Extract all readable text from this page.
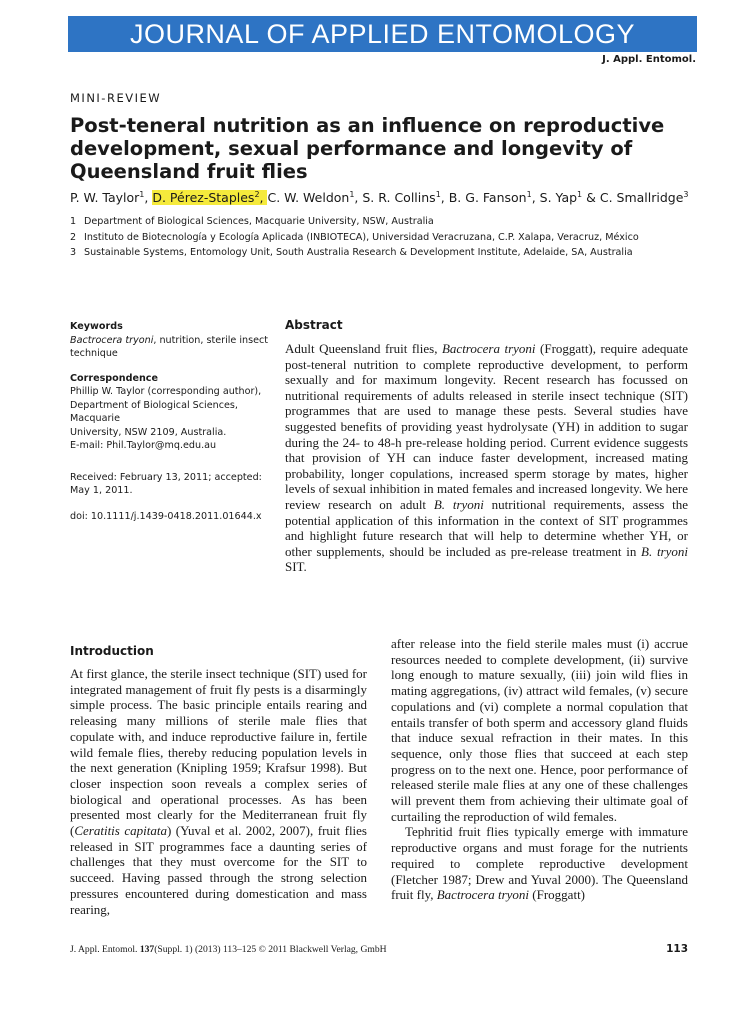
JOURNAL OF APPLIED ENTOMOLOGY
J. Appl. Entomol.
MINI-REVIEW
Post-teneral nutrition as an influence on reproductive development, sexual performance and longevity of Queensland fruit flies
P. W. Taylor$^1$, D. Pérez-Staples$^2$, C. W. Weldon$^1$, S. R. Collins$^1$, B. G. Fanson$^1$, S. Yap$^1$ & C. Smallridge$^3$
1 Department of Biological Sciences, Macquarie University, NSW, Australia
2 Instituto de Biotecnología y Ecología Aplicada (INBIOTECA), Universidad Veracruzana, C.P. Xalapa, Veracruz, México
3 Sustainable Systems, Entomology Unit, South Australia Research & Development Institute, Adelaide, SA, Australia
Keywords
Bactrocera tryoni, nutrition, sterile insect technique
Correspondence
Phillip W. Taylor (corresponding author),
Department of Biological Sciences, Macquarie
University, NSW 2109, Australia.
E-mail: Phil.Taylor@mq.edu.au
Received: February 13, 2011; accepted: May 1, 2011.
doi: 10.1111/j.1439-0418.2011.01644.x
Abstract
Adult Queensland fruit flies, Bactrocera tryoni (Froggatt), require adequate post-teneral nutrition to complete reproductive development, to perform sexually and for maximum longevity. Recent research has focussed on nutritional requirements of adults released in sterile insect technique (SIT) programmes that are used to manage these pests. Several studies have suggested benefits of providing yeast hydrolysate (YH) in addition to sugar during the 24- to 48-h pre-release holding period. Current evidence suggests that provision of YH can induce faster development, increased mating probability, longer copulations, increased sperm storage by mates, higher levels of sexual inhibition in mated females and increased longevity. We here review research on adult B. tryoni nutritional requirements, assess the potential application of this information in the context of SIT programmes and highlight future research that will help to determine whether YH, or other supplements, should be included as pre-release treatment in B. tryoni SIT.
Introduction

At first glance, the sterile insect technique (SIT) used for integrated management of fruit fly pests is a disarmingly simple process. The basic principle entails rearing and releasing many millions of sterile male flies that copulate with, and induce reproductive failure in, fertile wild female flies, thereby reducing population levels in the next generation (Knipling 1959; Krafsur 1998). But closer inspection soon reveals a complex series of biological and operational processes. As has been presented most clearly for the Mediterranean fruit fly (Ceratitis capitata) (Yuval et al. 2002, 2007), fruit flies released in SIT programmes face a daunting series of challenges that they must overcome for the SIT to succeed. Having passed through the strong selection pressures encountered during domestication and mass rearing,

after release into the field sterile males must (i) accrue resources needed to complete development, (ii) survive long enough to mature sexually, (iii) join wild flies in mating aggregations, (iv) attract wild females, (v) secure copulations and (vi) complete a normal copulation that entails transfer of both sperm and accessory gland fluids that induce sexual refraction in their mates. In this sequence, only those flies that succeed at each step progress on to the next one. Hence, poor performance of released sterile male flies at any one of these challenges will prevent them from achieving their ultimate goal of curtailing the reproduction of wild females.

Tephritid fruit flies typically emerge with immature reproductive organs and must forage for the nutrients required to complete reproductive development (Fletcher 1987; Drew and Yuval 2000). The Queensland fruit fly, Bactrocera tryoni (Froggatt)

J. Appl. Entomol. 137(Suppl. 1) (2013) 113–125 © 2011 Blackwell Verlag, GmbH	113
